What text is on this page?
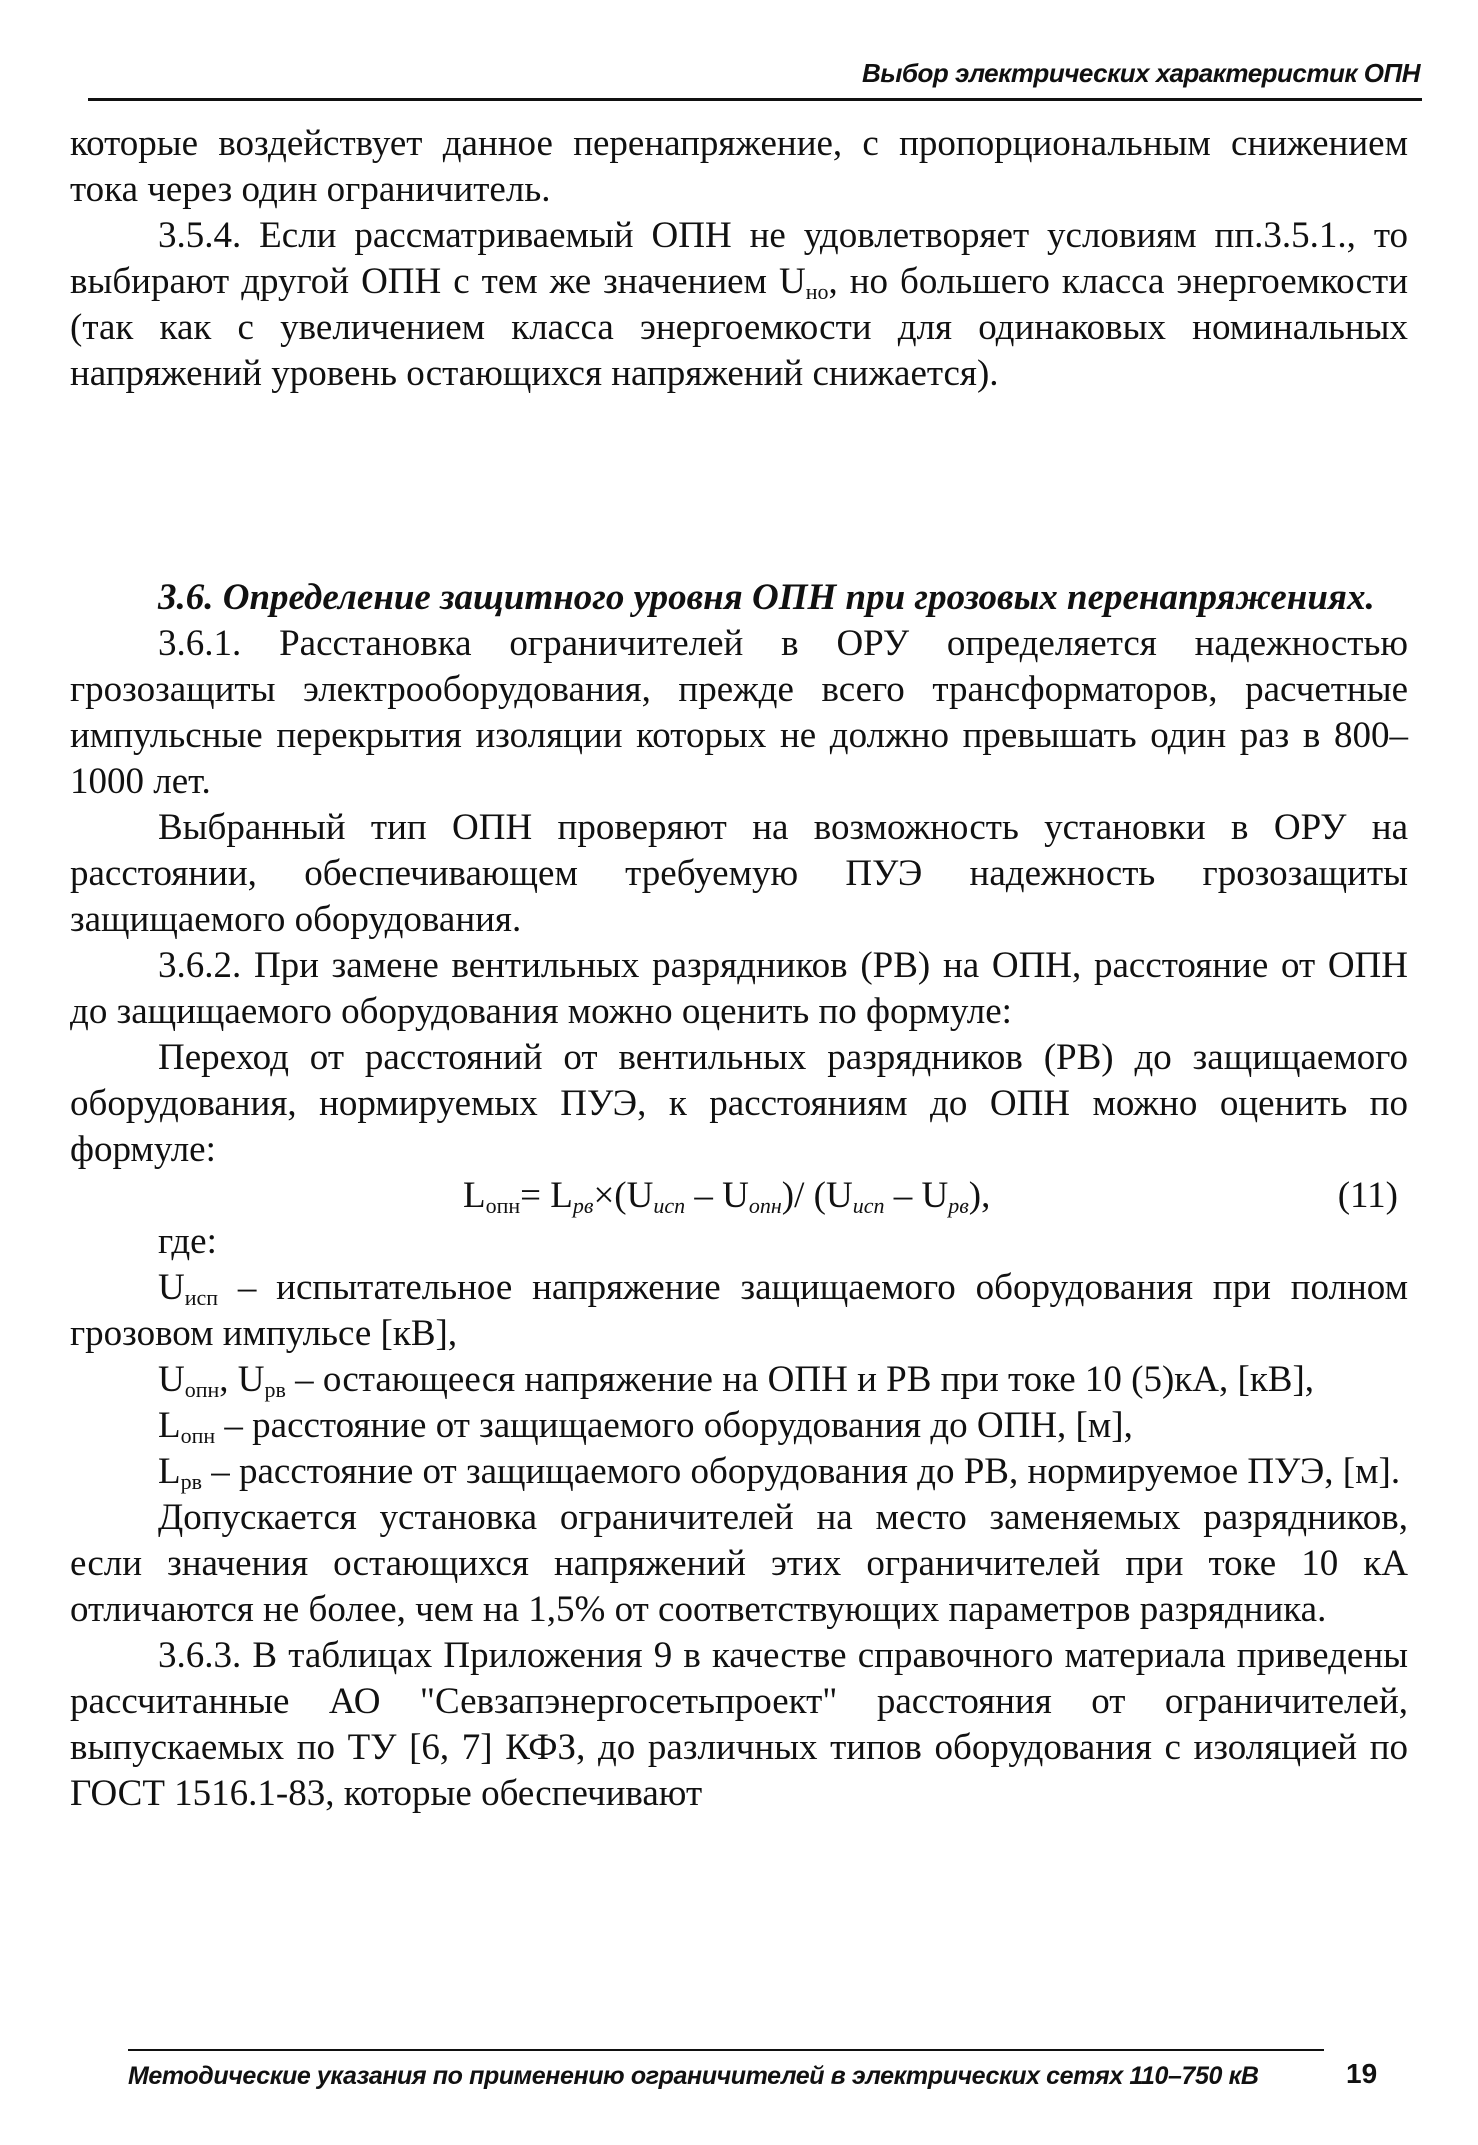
Выбор электрических характеристик ОПН

которые воздействует данное перенапряжение, с пропорциональным снижением тока через один ограничитель.

3.5.4. Если рассматриваемый ОПН не удовлетворяет условиям пп.3.5.1., то выбирают другой ОПН с тем же значением $U_{но}$, но большего класса энергоемкости (так как с увеличением класса энергоемкости для одинаковых номинальных напряжений уровень остающихся напряжений снижается).

3.6. Определение защитного уровня ОПН при грозовых перенапряжениях.

3.6.1. Расстановка ограничителей в ОРУ определяется надежностью грозозащиты электрооборудования, прежде всего трансформаторов, расчетные импульсные перекрытия изоляции которых не должно превышать один раз в 800–1000 лет.

Выбранный тип ОПН проверяют на возможность установки в ОРУ на расстоянии, обеспечивающем требуемую ПУЭ надежность грозозащиты защищаемого оборудования.

3.6.2. При замене вентильных разрядников (РВ) на ОПН, расстояние от ОПН до защищаемого оборудования можно оценить по формуле:

Переход от расстояний от вентильных разрядников (РВ) до защищаемого оборудования, нормируемых ПУЭ, к расстояниям до ОПН можно оценить по формуле:

$L_{опн}= L_{рв}\times(U_{исп} - U_{опн})/$ $(U_{исп} - U_{рв})$,	(11)

где:

$U_{исп}$ – испытательное напряжение защищаемого оборудования при полном грозовом импульсе [кВ],

$U_{опн}$, $U_{рв}$ – остающееся напряжение на ОПН и РВ при токе 10 (5)кА, [кВ],

$L_{опн}$ – расстояние от защищаемого оборудования до ОПН, [м],

$L_{рв}$ – расстояние от защищаемого оборудования до РВ, нормируемое ПУЭ, [м].

Допускается установка ограничителей на место заменяемых разрядников, если значения остающихся напряжений этих ограничителей при токе 10 кА отличаются не более, чем на 1,5% от соответствующих параметров разрядника.

3.6.3. В таблицах Приложения 9 в качестве справочного материала приведены рассчитанные АО "Севзапэнергосетьпроект" расстояния от ограничителей, выпускаемых по ТУ [6, 7] КФЗ, до различных типов оборудования с изоляцией по ГОСТ 1516.1-83, которые обеспечивают

Методические указания по применению ограничителей в электрических сетях 110–750 кВ	19
